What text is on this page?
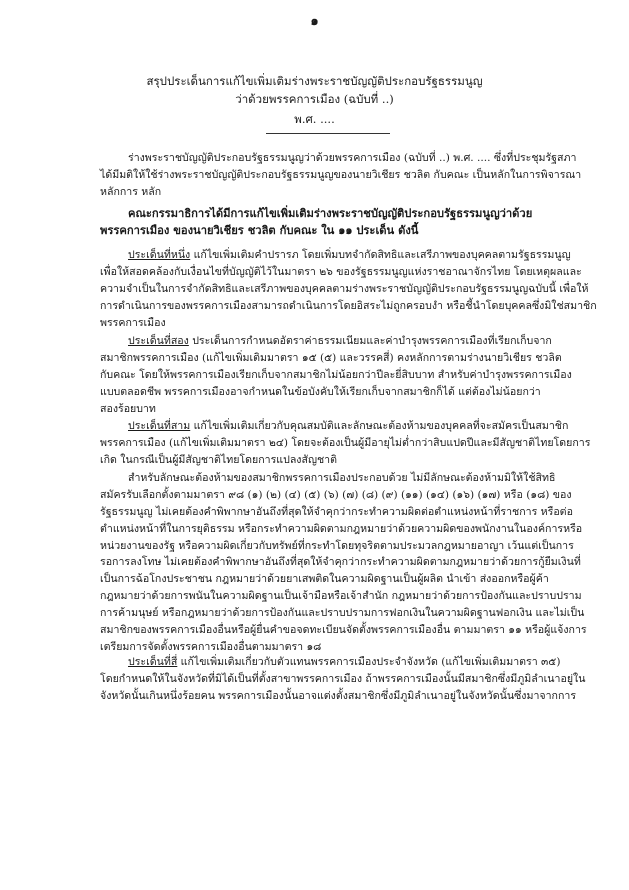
๑
สรุปประเด็นการแก้ไขเพิ่มเติมร่างพระราชบัญญัติประกอบรัฐธรรมนูญ
ว่าด้วยพรรคการเมือง (ฉบับที่ ..)
พ.ศ. ....
ร่างพระราชบัญญัติประกอบรัฐธรรมนูญว่าด้วยพรรคการเมือง (ฉบับที่ ..) พ.ศ. .... ซึ่งที่ประชุมรัฐสภา
ได้มีมติให้ใช้ร่างพระราชบัญญัติประกอบรัฐธรรมนูญของนายวิเชียร ชวลิต กับคณะ เป็นหลักในการพิจารณา
หลักการ หลัก
คณะกรรมาธิการได้มีการแก้ไขเพิ่มเติมร่างพระราชบัญญัติประกอบรัฐธรรมนูญว่าด้วย
พรรคการเมือง ของนายวิเชียร ชวลิต กับคณะ ใน ๑๑ ประเด็น ดังนี้
ประเด็นที่หนึ่ง แก้ไขเพิ่มเติมคำปรารภ โดยเพิ่มบทจำกัดสิทธิและเสรีภาพของบุคคลตามรัฐธรรมนูญ
เพื่อให้สอดคล้องกับเงื่อนไขที่บัญญัติไว้ในมาตรา ๒๖ ของรัฐธรรมนูญแห่งราชอาณาจักรไทย โดยเหตุผลและ
ความจำเป็นในการจำกัดสิทธิและเสรีภาพของบุคคลตามร่างพระราชบัญญัติประกอบรัฐธรรมนูญฉบับนี้ เพื่อให้
การดำเนินการของพรรคการเมืองสามารถดำเนินการโดยอิสระไม่ถูกครอบงำ หรือชี้นำโดยบุคคลซึ่งมิใช่สมาชิก
พรรคการเมือง
ประเด็นที่สอง ประเด็นการกำหนดอัตราค่าธรรมเนียมและค่าบำรุงพรรคการเมืองที่เรียกเก็บจาก
สมาชิกพรรคการเมือง (แก้ไขเพิ่มเติมมาตรา ๑๕ (๕) และวรรคสี่) คงหลักการตามร่างนายวิเชียร ชวลิต
กับคณะ โดยให้พรรคการเมืองเรียกเก็บจากสมาชิกไม่น้อยกว่าปีละยี่สิบบาท สำหรับค่าบำรุงพรรคการเมือง
แบบตลอดชีพ พรรคการเมืองอาจกำหนดในข้อบังคับให้เรียกเก็บจากสมาชิกก็ได้ แต่ต้องไม่น้อยกว่า
สองร้อยบาท
ประเด็นที่สาม แก้ไขเพิ่มเติมเกี่ยวกับคุณสมบัติและลักษณะต้องห้ามของบุคคลที่จะสมัครเป็นสมาชิก
พรรคการเมือง (แก้ไขเพิ่มเติมมาตรา ๒๔) โดยจะต้องเป็นผู้มีอายุไม่ต่ำกว่าสิบแปดปีและมีสัญชาติไทยโดยการ
เกิด ในกรณีเป็นผู้มีสัญชาติไทยโดยการแปลงสัญชาติ
สำหรับลักษณะต้องห้ามของสมาชิกพรรคการเมืองประกอบด้วย ไม่มีลักษณะต้องห้ามมิให้ใช้สิทธิ
สมัครรับเลือกตั้งตามมาตรา ๙๘ (๑) (๒) (๔) (๕) (๖) (๗) (๘) (๙) (๑๑) (๑๔) (๑๖) (๑๗) หรือ (๑๘) ของ
รัฐธรรมนูญ ไม่เคยต้องคำพิพากษาอันถึงที่สุดให้จำคุกว่ากระทำความผิดต่อตำแหน่งหน้าที่ราชการ หรือต่อ
ตำแหน่งหน้าที่ในการยุติธรรม หรือกระทำความผิดตามกฎหมายว่าด้วยความผิดของพนักงานในองค์การหรือ
หน่วยงานของรัฐ หรือความผิดเกี่ยวกับทรัพย์ที่กระทำโดยทุจริตตามประมวลกฎหมายอาญา เว้นแต่เป็นการ
รอการลงโทษ ไม่เคยต้องคำพิพากษาอันถึงที่สุดให้จำคุกว่ากระทำความผิดตามกฎหมายว่าด้วยการกู้ยืมเงินที่
เป็นการฉ้อโกงประชาชน กฎหมายว่าด้วยยาเสพติดในความผิดฐานเป็นผู้ผลิต นำเข้า ส่งออกหรือผู้ค้า
กฎหมายว่าด้วยการพนันในความผิดฐานเป็นเจ้ามือหรือเจ้าสำนัก กฎหมายว่าด้วยการป้องกันและปราบปราม
การค้ามนุษย์ หรือกฎหมายว่าด้วยการป้องกันและปราบปรามการฟอกเงินในความผิดฐานฟอกเงิน และไม่เป็น
สมาชิกของพรรคการเมืองอื่นหรือผู้ยื่นคำขอจดทะเบียนจัดตั้งพรรคการเมืองอื่น ตามมาตรา ๑๑ หรือผู้แจ้งการ
เตรียมการจัดตั้งพรรคการเมืองอื่นตามมาตรา ๑๘
ประเด็นที่สี่ แก้ไขเพิ่มเติมเกี่ยวกับตัวแทนพรรคการเมืองประจำจังหวัด (แก้ไขเพิ่มเติมมาตรา ๓๕)
โดยกำหนดให้ในจังหวัดที่มิได้เป็นที่ตั้งสาขาพรรคการเมือง ถ้าพรรคการเมืองนั้นมีสมาชิกซึ่งมีภูมิลำเนาอยู่ใน
จังหวัดนั้นเกินหนึ่งร้อยคน พรรคการเมืองนั้นอาจแต่งตั้งสมาชิกซึ่งมีภูมิลำเนาอยู่ในจังหวัดนั้นซึ่งมาจากการ
